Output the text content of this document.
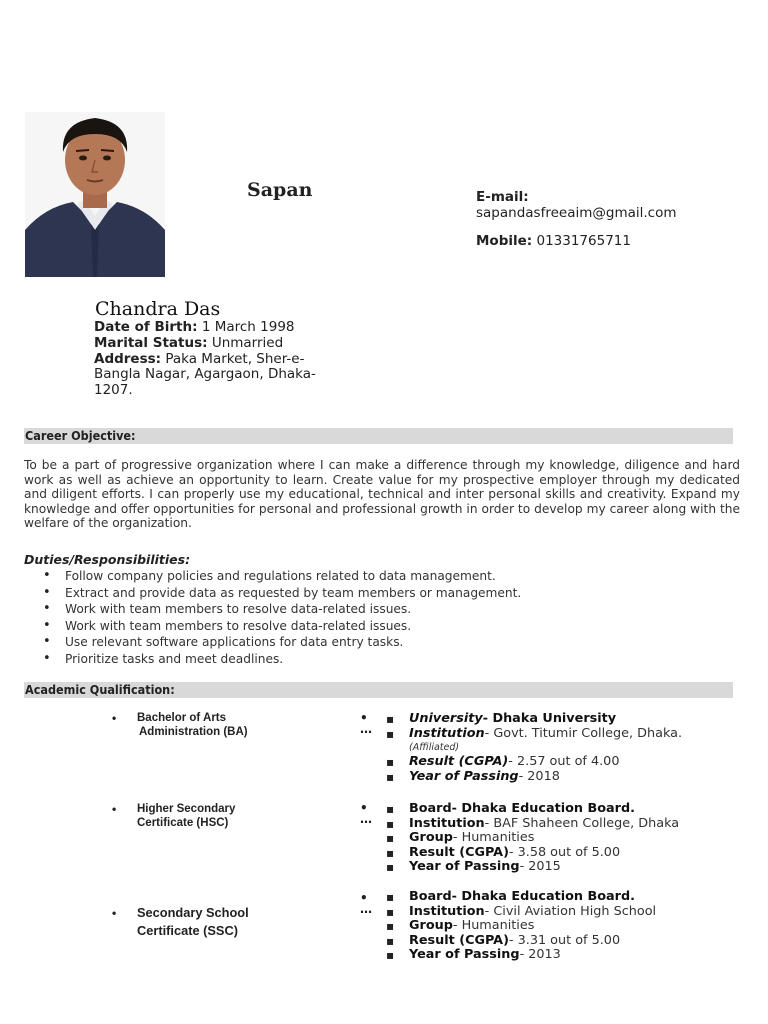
Sapan
Chandra Das
E-mail:
sapandasfreeaim@gmail.com
Mobile: 01331765711
Date of Birth: 1 March 1998
Marital Status: Unmarried
Address: Paka Market, Sher-e-Bangla Nagar, Agargaon, Dhaka-1207.
Career Objective:
To be a part of progressive organization where I can make a difference through my knowledge, diligence and hard work as well as achieve an opportunity to learn. Create value for my prospective employer through my dedicated and diligent efforts. I can properly use my educational, technical and inter personal skills and creativity. Expand my knowledge and offer opportunities for personal and professional growth in order to develop my career along with the welfare of the organization.
Duties/Responsibilities:
• Follow company policies and regulations related to data management.
• Extract and provide data as requested by team members or management.
• Work with team members to resolve data-related issues.
• Work with team members to resolve data-related issues.
• Use relevant software applications for data entry tasks.
• Prioritize tasks and meet deadlines.
Academic Qualification:
• Bachelor of Arts
Administration (BA)
•
…
▪ University- Dhaka University
▪ Institution- Govt. Titumir College, Dhaka.
(Affiliated)
▪ Result (CGPA)- 2.57 out of 4.00
▪ Year of Passing- 2018
• Higher Secondary
Certificate (HSC)
•
…
▪ Board- Dhaka Education Board.
▪ Institution- BAF Shaheen College, Dhaka
▪ Group- Humanities
▪ Result (CGPA)- 3.58 out of 5.00
▪ Year of Passing- 2015
• Secondary School
Certificate (SSC)
•
…
▪ Board- Dhaka Education Board.
▪ Institution- Civil Aviation High School
▪ Group- Humanities
▪ Result (CGPA)- 3.31 out of 5.00
▪ Year of Passing- 2013
